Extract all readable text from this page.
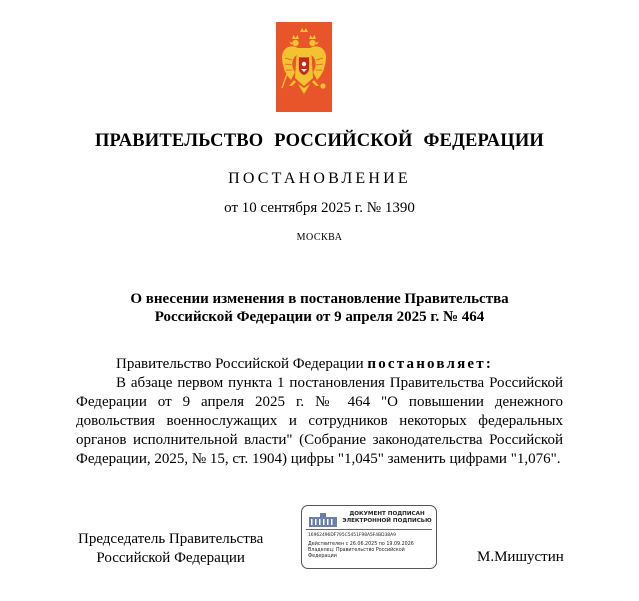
ПРАВИТЕЛЬСТВО РОССИЙСКОЙ ФЕДЕРАЦИИ
ПОСТАНОВЛЕНИЕ
от 10 сентября 2025 г. № 1390
МОСКВА
О внесении изменения в постановление Правительства
Российской Федерации от 9 апреля 2025 г. № 464

Правительство Российской Федерации постановляет:

В абзаце первом пункта 1 постановления Правительства Российской Федерации от 9 апреля 2025 г. № 464 "О повышении денежного довольствия военнослужащих и сотрудников некоторых федеральных органов исполнительной власти" (Собрание законодательства Российской Федерации, 2025, № 15, ст. 1904) цифры "1,045" заменить цифрами "1,076".

Председатель Правительства
Российской Федерации
ДОКУМЕНТ ПОДПИСАН
ЭЛЕКТРОННОЙ ПОДПИСЬЮ
16962496DF795C5451F98A5F4BD38A9
Действителен с 26.06.2025 по 19.09.2026
Владелец: Правительство Российской
Федерации	М.Мишустин
